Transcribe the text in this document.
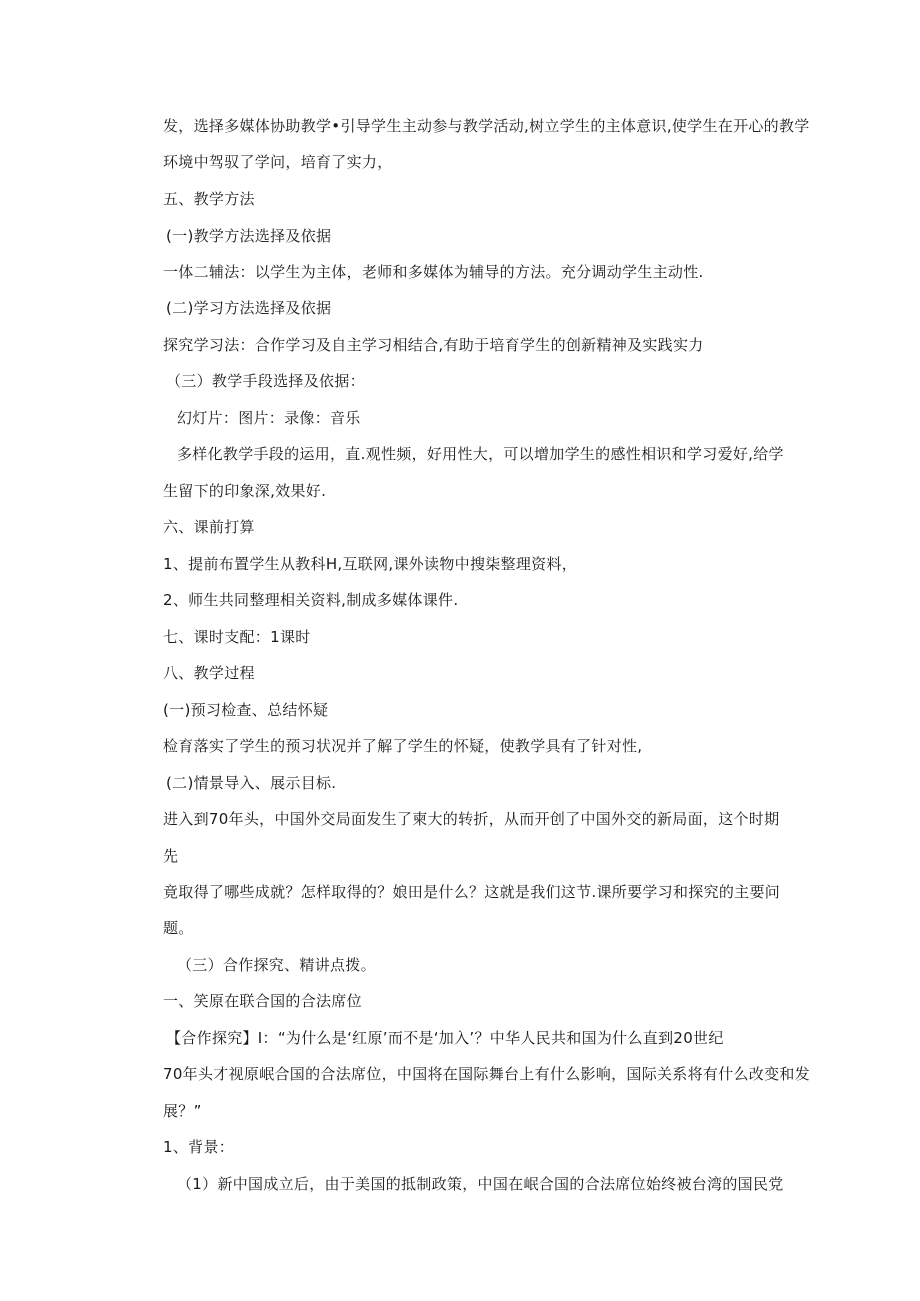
发，选择多媒体协助教学•引导学生主动参与教学活动,树立学生的主体意识,使学生在开心的教学
环境中驾驭了学问，培育了实力，
五、教学方法
(一)教学方法选择及依据
一体二辅法：以学生为主体，老师和多媒体为辅导的方法。充分调动学生主动性.
(二)学习方法选择及依据
探究学习法：合作学习及自主学习相结合,有助于培育学生的创新精神及实践实力
（三）教学手段选择及依据：
幻灯片：图片：录像：音乐
多样化教学手段的运用，直.观性频，好用性大，可以增加学生的感性相识和学习爱好,给学
生留下的印象深,效果好.
六、课前打算
1、提前布置学生从教科H,互联网,课外读物中搜柒整理资料，
2、师生共同整理相关资料,制成多媒体课件.
七、课时支配：1课时
八、教学过程
(一)预习检查、总结怀疑
检育落实了学生的预习状况并了解了学生的怀疑，使教学具有了针对性,
(二)情景导入、展示目标.
进入到70年头，中国外交局面发生了柬大的转折，从而开创了中国外交的新局面，这个时期
先
竟取得了哪些成就？怎样取得的？娘田是什么？这就是我们这节.课所要学习和探究的主要问
题。
（三）合作探究、精讲点拨。
一、笑原在联合国的合法席位
【合作探究】I：“为什么是‘红原’而不是‘加入’？中华人民共和国为什么直到20世纪
70年头才视原岷合国的合法席位，中国将在国际舞台上有什么影响，国际关系将有什么改变和发
展？”
1、背景：
（1）新中国成立后，由于美国的抵制政策，中国在岷合国的合法席位始终被台湾的国民党
